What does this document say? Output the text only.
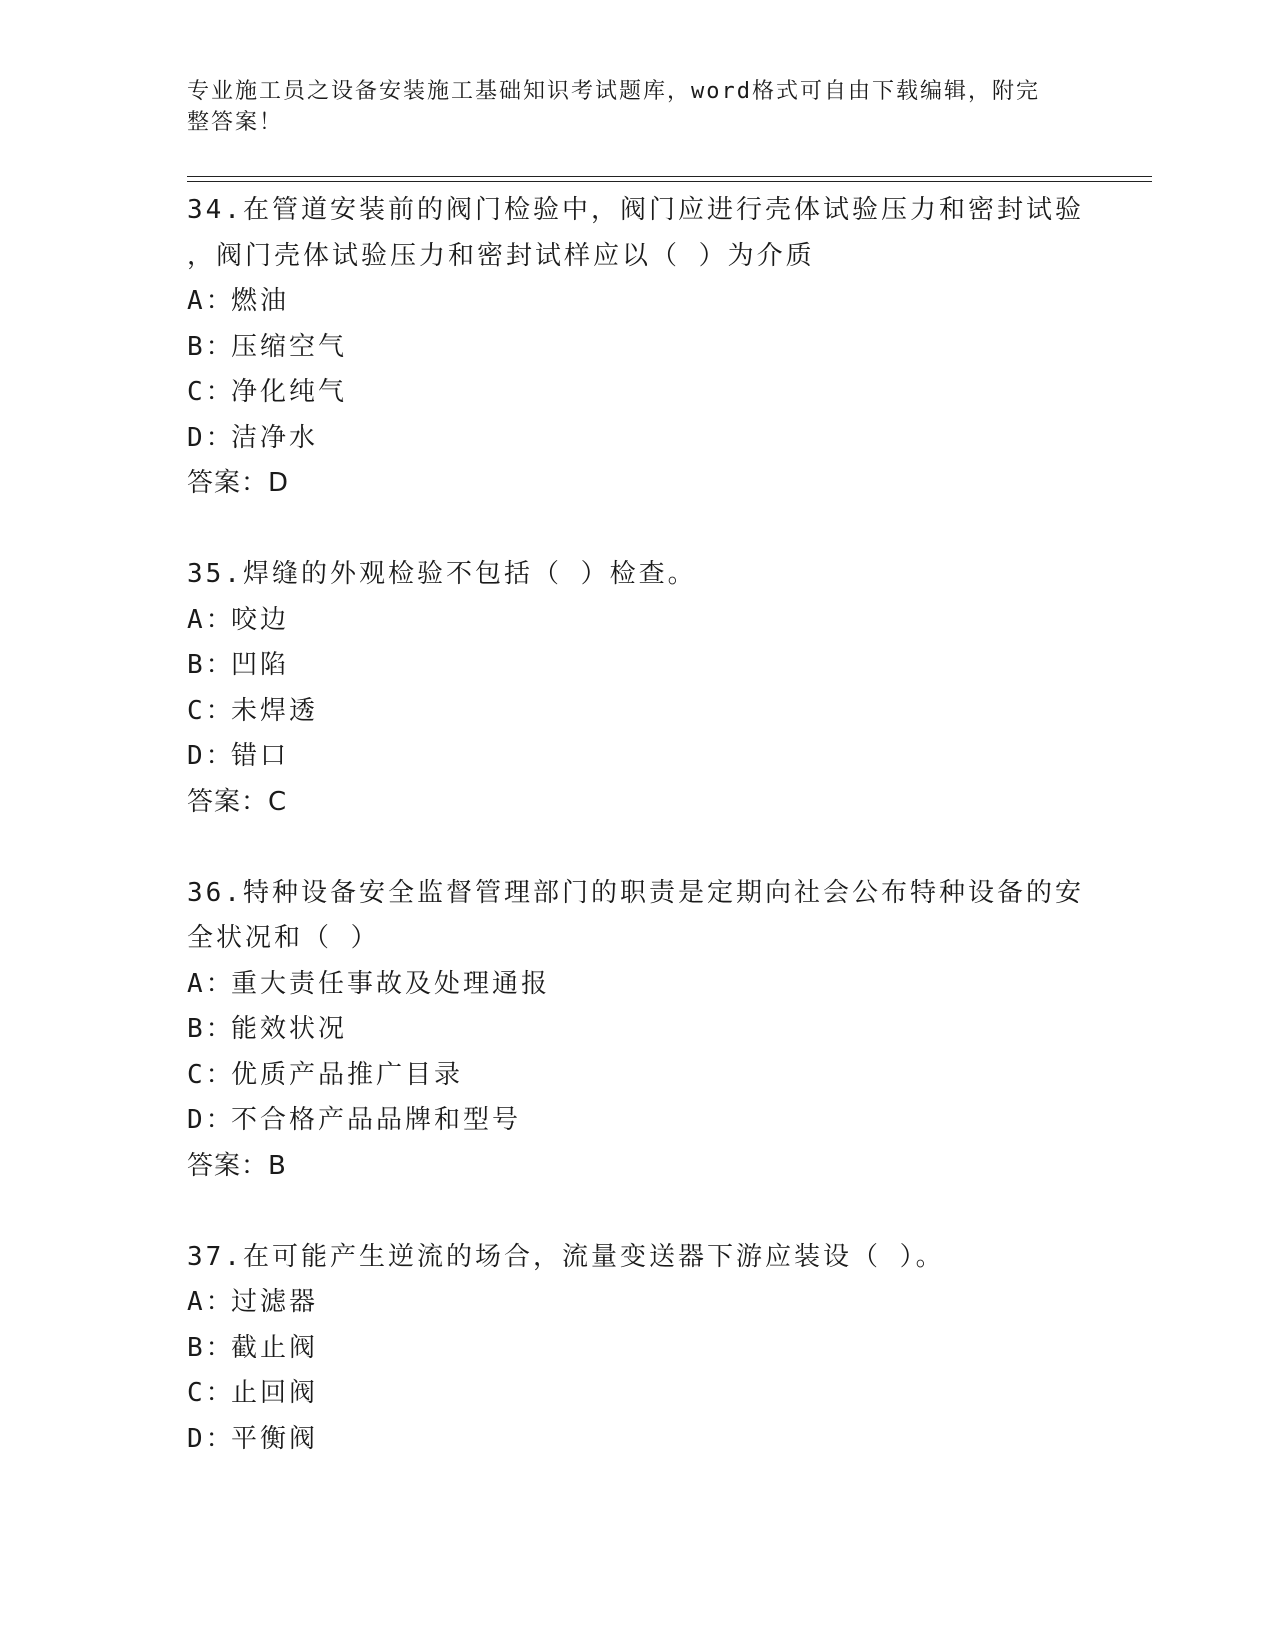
专业施工员之设备安装施工基础知识考试题库，word格式可自由下载编辑，附完
整答案！

34.在管道安装前的阀门检验中，阀门应进行壳体试验压力和密封试验

，阀门壳体试验压力和密封试样应以（ ）为介质

A：燃油
B：压缩空气
C：净化纯气
D：洁净水

答案：D

35.焊缝的外观检验不包括（ ）检查。

A：咬边
B：凹陷
C：未焊透
D：错口

答案：C

36.特种设备安全监督管理部门的职责是定期向社会公布特种设备的安

全状况和（ ）

A：重大责任事故及处理通报
B：能效状况
C：优质产品推广目录
D：不合格产品品牌和型号

答案：B

37.在可能产生逆流的场合，流量变送器下游应装设（ ）。

A：过滤器
B：截止阀
C：止回阀
D：平衡阀
